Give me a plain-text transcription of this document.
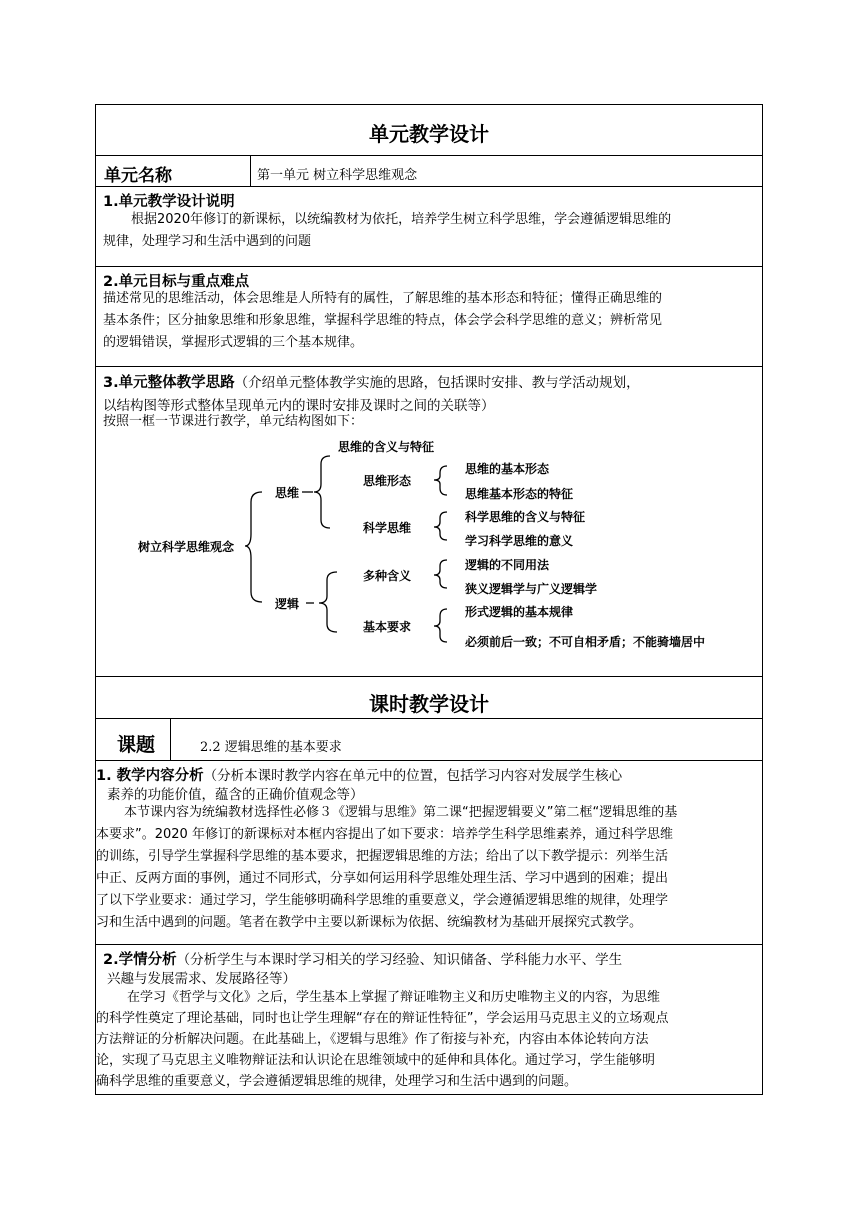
单元教学设计
单元名称	第一单元 树立科学思维观念
1.单元教学设计说明
根据2020年修订的新课标，以统编教材为依托，培养学生树立科学思维，学会遵循逻辑思维的
规律，处理学习和生活中遇到的问题
2.单元目标与重点难点
描述常见的思维活动，体会思维是人所特有的属性，了解思维的基本形态和特征；懂得正确思维的
基本条件；区分抽象思维和形象思维，掌握科学思维的特点，体会学会科学思维的意义；辨析常见
的逻辑错误，掌握形式逻辑的三个基本规律。
3.单元整体教学思路（介绍单元整体教学实施的思路，包括课时安排、教与学活动规划，
以结构图等形式整体呈现单元内的课时安排及课时之间的关联等）
按照一框一节课进行教学，单元结构图如下：
树立科学思维观念
思维
思维的含义与特征
思维形态
思维的基本形态
思维基本形态的特征
科学思维
科学思维的含义与特征
学习科学思维的意义
逻辑
多种含义
逻辑的不同用法
狭义逻辑学与广义逻辑学
基本要求
形式逻辑的基本规律
必须前后一致；不可自相矛盾；不能骑墙居中
课时教学设计
课题	2.2 逻辑思维的基本要求
1. 教学内容分析（分析本课时教学内容在单元中的位置，包括学习内容对发展学生核心
素养的功能价值，蕴含的正确价值观念等）
本节课内容为统编教材选择性必修３《逻辑与思维》第二课“把握逻辑要义”第二框“逻辑思维的基
本要求”。2020 年修订的新课标对本框内容提出了如下要求：培养学生科学思维素养，通过科学思维
的训练，引导学生掌握科学思维的基本要求，把握逻辑思维的方法；给出了以下教学提示：列举生活
中正、反两方面的事例，通过不同形式，分享如何运用科学思维处理生活、学习中遇到的困难；提出
了以下学业要求：通过学习，学生能够明确科学思维的重要意义，学会遵循逻辑思维的规律，处理学
习和生活中遇到的问题。笔者在教学中主要以新课标为依据、统编教材为基础开展探究式教学。
2.学情分析（分析学生与本课时学习相关的学习经验、知识储备、学科能力水平、学生
兴趣与发展需求、发展路径等）
在学习《哲学与文化》之后，学生基本上掌握了辩证唯物主义和历史唯物主义的内容，为思维
的科学性奠定了理论基础，同时也让学生理解“存在的辩证性特征”，学会运用马克思主义的立场观点
方法辩证的分析解决问题。在此基础上，《逻辑与思维》作了衔接与补充，内容由本体论转向方法
论，实现了马克思主义唯物辩证法和认识论在思维领域中的延伸和具体化。通过学习，学生能够明
确科学思维的重要意义，学会遵循逻辑思维的规律，处理学习和生活中遇到的问题。
